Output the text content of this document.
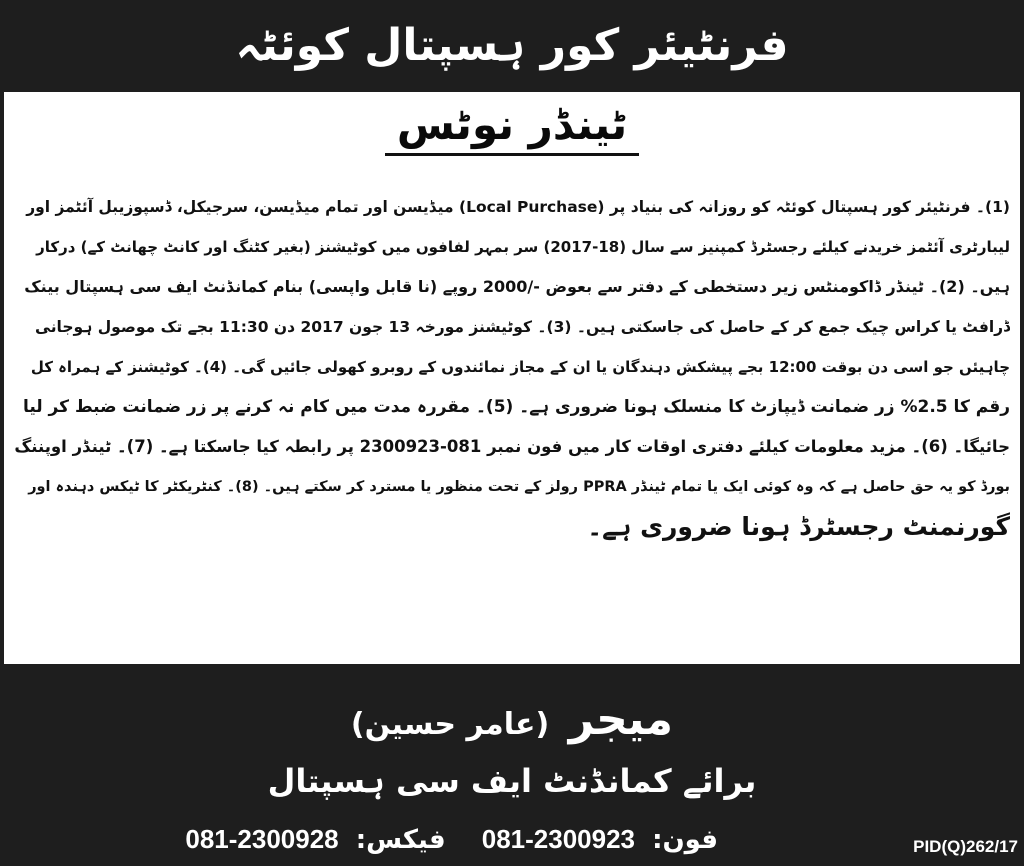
فرنٹیئر کور ہسپتال کوئٹہ
ٹینڈر نوٹس
(1)۔ فرنٹیئر کور ہسپتال کوئٹہ کو روزانہ کی بنیاد پر (Local Purchase) میڈیسن اور تمام میڈیسن، سرجیکل، ڈسپوزیبل آئٹمز اور
لیبارٹری آئٹمز خریدنے کیلئے رجسٹرڈ کمپنیز سے سال (18-2017) سر بمہر لفافوں میں کوٹیشنز (بغیر کٹنگ اور کانٹ چھانٹ کے) درکار
ہیں۔ (2)۔ ٹینڈر ڈاکومنٹس زیر دستخطی کے دفتر سے بعوض -/2000 روپے (نا قابل واپسی) بنام کمانڈنٹ ایف سی ہسپتال بینک
ڈرافٹ یا کراس چیک جمع کر کے حاصل کی جاسکتی ہیں۔ (3)۔ کوٹیشنز مورخہ 13 جون 2017 دن 11:30 بجے تک موصول ہوجانی
چاہیئں جو اسی دن بوقت 12:00 بجے پیشکش دہندگان یا ان کے مجاز نمائندوں کے روبرو کھولی جائیں گی۔ (4)۔ کوٹیشنز کے ہمراہ کل
رقم کا 2.5% زر ضمانت ڈیپازٹ کا منسلک ہونا ضروری ہے۔ (5)۔ مقررہ مدت میں کام نہ کرنے پر زر ضمانت ضبط کر لیا
جائیگا۔ (6)۔ مزید معلومات کیلئے دفتری اوقات کار میں فون نمبر 081-2300923 پر رابطہ کیا جاسکتا ہے۔ (7)۔ ٹینڈر اوپننگ
بورڈ کو یہ حق حاصل ہے کہ وہ کوئی ایک یا تمام ٹینڈر PPRA رولز کے تحت منظور یا مسترد کر سکتے ہیں۔ (8)۔ کنٹریکٹر کا ٹیکس دہندہ اور
گورنمنٹ رجسٹرڈ ہونا ضروری ہے۔
میجر (عامر حسین)
برائے کمانڈنٹ ایف سی ہسپتال
فون: 081-2300923  فیکس: 081-2300928	PID(Q)262/17
